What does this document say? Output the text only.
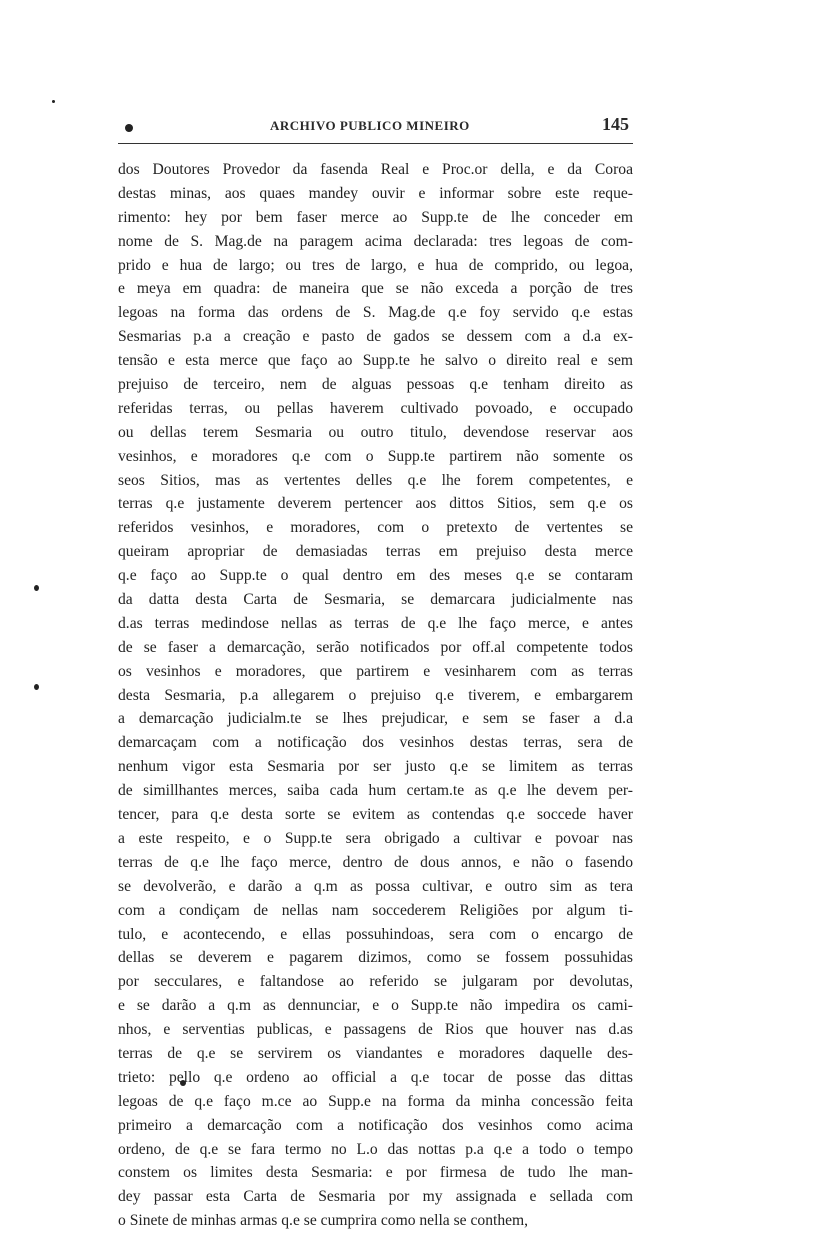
ARCHIVO PUBLICO MINEIRO	145
dos Doutores Provedor da fasenda Real e Proc.or della, e da Coroa
destas minas, aos quaes mandey ouvir e informar sobre este reque-
rimento: hey por bem faser merce ao Supp.te de lhe conceder em
nome de S. Mag.de na paragem acima declarada: tres legoas de com-
prido e hua de largo; ou tres de largo, e hua de comprido, ou legoa,
e meya em quadra: de maneira que se não exceda a porção de tres
legoas na forma das ordens de S. Mag.de q.e foy servido q.e estas
Sesmarias p.a a creação e pasto de gados se dessem com a d.a ex-
tensão e esta merce que faço ao Supp.te he salvo o direito real e sem
prejuiso de terceiro, nem de alguas pessoas q.e tenham direito as
referidas terras, ou pellas haverem cultivado povoado, e occupado
ou dellas terem Sesmaria ou outro titulo, devendose reservar aos
vesinhos, e moradores q.e com o Supp.te partirem não somente os
seos Sitios, mas as vertentes delles q.e lhe forem competentes, e
terras q.e justamente deverem pertencer aos dittos Sitios, sem q.e os
referidos vesinhos, e moradores, com o pretexto de vertentes se
queiram apropriar de demasiadas terras em prejuiso desta merce
q.e faço ao Supp.te o qual dentro em des meses q.e se contaram
da datta desta Carta de Sesmaria, se demarcara judicialmente nas
d.as terras medindose nellas as terras de q.e lhe faço merce, e antes
de se faser a demarcação, serão notificados por off.al competente todos
os vesinhos e moradores, que partirem e vesinharem com as terras
desta Sesmaria, p.a allegarem o prejuiso q.e tiverem, e embargarem
a demarcação judicialm.te se lhes prejudicar, e sem se faser a d.a
demarcaçam com a notificação dos vesinhos destas terras, sera de
nenhum vigor esta Sesmaria por ser justo q.e se limitem as terras
de simillhantes merces, saiba cada hum certam.te as q.e lhe devem per-
tencer, para q.e desta sorte se evitem as contendas q.e soccede haver
a este respeito, e o Supp.te sera obrigado a cultivar e povoar nas
terras de q.e lhe faço merce, dentro de dous annos, e não o fasendo
se devolverão, e darão a q.m as possa cultivar, e outro sim as tera
com a condiçam de nellas nam soccederem Religiões por algum ti-
tulo, e acontecendo, e ellas possuhindoas, sera com o encargo de
dellas se deverem e pagarem dizimos, como se fossem possuhidas
por secculares, e faltandose ao referido se julgaram por devolutas,
e se darão a q.m as dennunciar, e o Supp.te não impedira os cami-
nhos, e serventias publicas, e passagens de Rios que houver nas d.as
terras de q.e se servirem os viandantes e moradores daquelle des-
trieto: pello q.e ordeno ao official a q.e tocar de posse das dittas
legoas de q.e faço m.ce ao Supp.e na forma da minha concessão feita
primeiro a demarcação com a notificação dos vesinhos como acima
ordeno, de q.e se fara termo no L.o das nottas p.a q.e a todo o tempo
constem os limites desta Sesmaria: e por firmesa de tudo lhe man-
dey passar esta Carta de Sesmaria por my assignada e sellada com
o Sinete de minhas armas q.e se cumprira como nella se conthem,
